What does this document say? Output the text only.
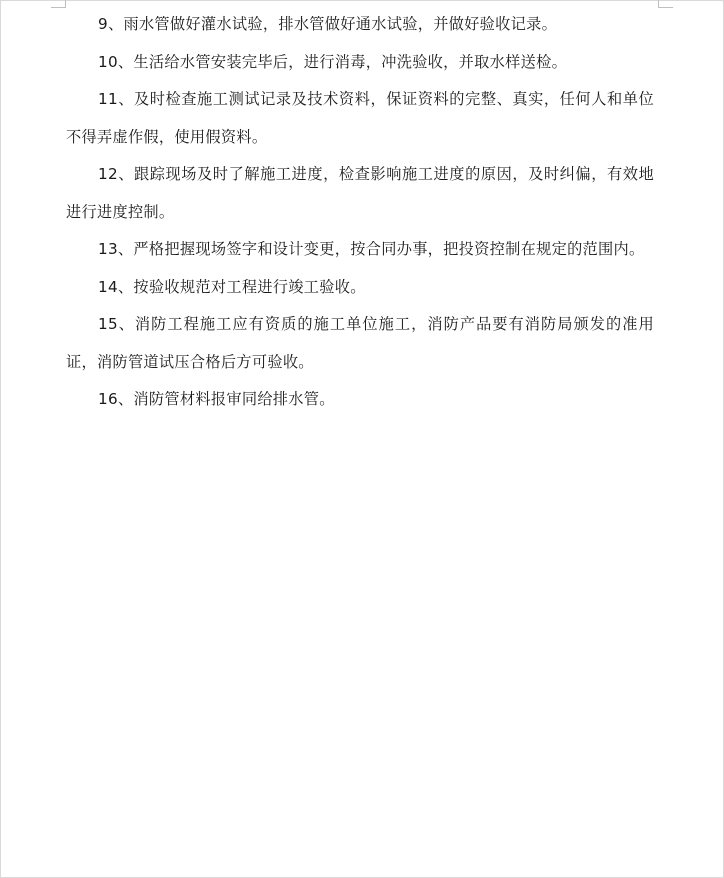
9、雨水管做好灌水试验，排水管做好通水试验，并做好验收记录。

10、生活给水管安装完毕后，进行消毒，冲洗验收，并取水样送检。

11、及时检查施工测试记录及技术资料，保证资料的完整、真实，任何人和单位不得弄虚作假，使用假资料。

12、跟踪现场及时了解施工进度，检查影响施工进度的原因，及时纠偏，有效地进行进度控制。

13、严格把握现场签字和设计变更，按合同办事，把投资控制在规定的范围内。

14、按验收规范对工程进行竣工验收。

15、消防工程施工应有资质的施工单位施工，消防产品要有消防局颁发的准用证，消防管道试压合格后方可验收。

16、消防管材料报审同给排水管。
